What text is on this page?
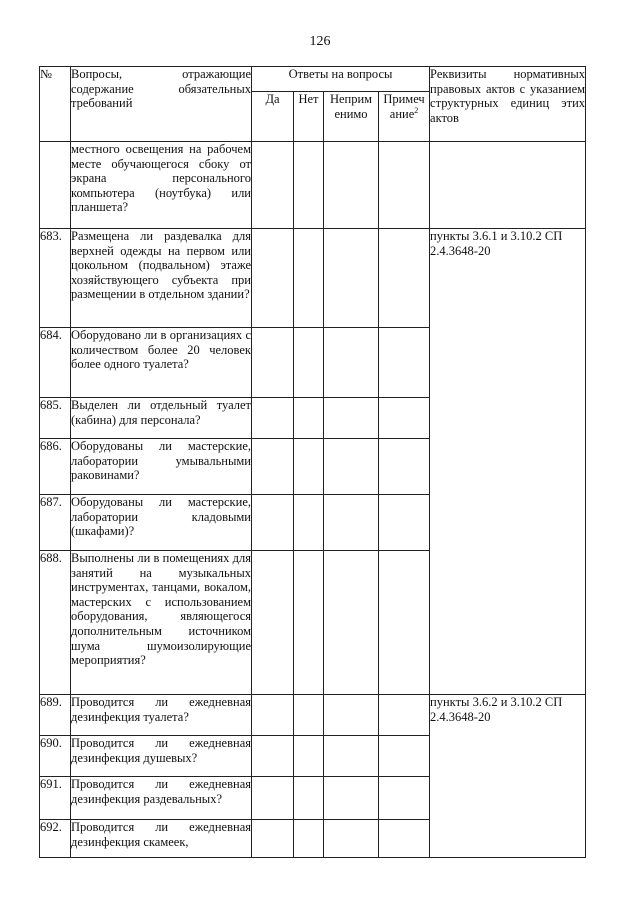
126
№	Вопросы, отражающие содержание обязательных требований	Ответы на вопросы				Реквизиты нормативных правовых актов с указанием структурных единиц этих актов
		Да	Нет	Неприм енимо	Примеч ание$^2$
	местного освещения на рабочем месте обучающегося сбоку от экрана персонального компьютера (ноутбука) или планшета?					
683.	Размещена ли раздевалка для верхней одежды на первом или цокольном (подвальном) этаже хозяйствующего субъекта при размещении в отдельном здании?					пункты 3.6.1 и 3.10.2 СП 2.4.3648-20
684.	Оборудовано ли в организациях с количеством более 20 человек более одного туалета?					
685.	Выделен ли отдельный туалет (кабина) для персонала?					
686.	Оборудованы ли мастерские, лаборатории умывальными раковинами?					
687.	Оборудованы ли мастерские, лаборатории кладовыми (шкафами)?					
688.	Выполнены ли в помещениях для занятий на музыкальных инструментах, танцами, вокалом, мастерских с использованием оборудования, являющегося дополнительным источником шума шумоизолирующие мероприятия?					
689.	Проводится ли ежедневная дезинфекция туалета?					пункты 3.6.2 и 3.10.2 СП 2.4.3648-20
690.	Проводится ли ежедневная дезинфекция душевых?					
691.	Проводится ли ежедневная дезинфекция раздевальных?					
692.	Проводится ли ежедневная дезинфекция скамеек,					
